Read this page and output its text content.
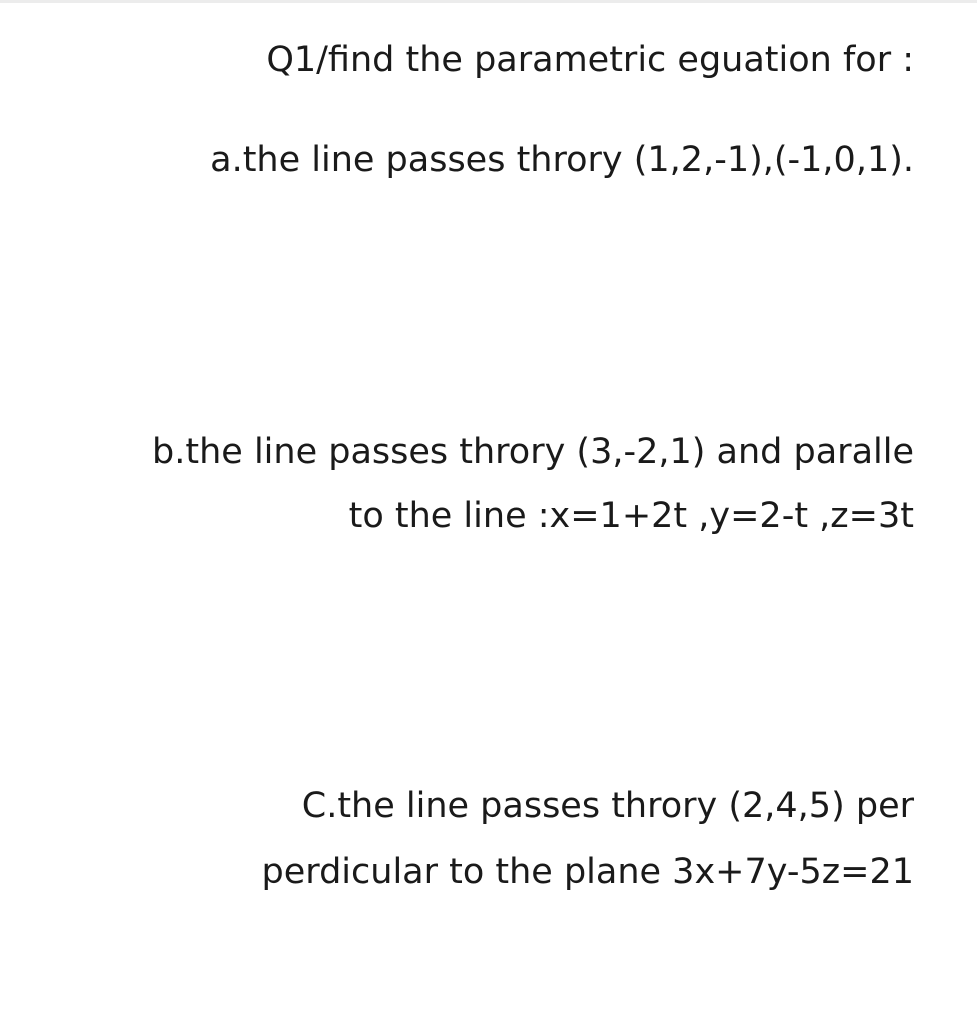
Q1/find the parametric eguation for :
a.the line passes throry (1,2,-1),(-1,0,1).
b.the line passes throry (3,-2,1) and paralle
to the line :x=1+2t ,y=2-t ,z=3t
C.the line passes throry (2,4,5) per
perdicular to the plane 3x+7y-5z=21
